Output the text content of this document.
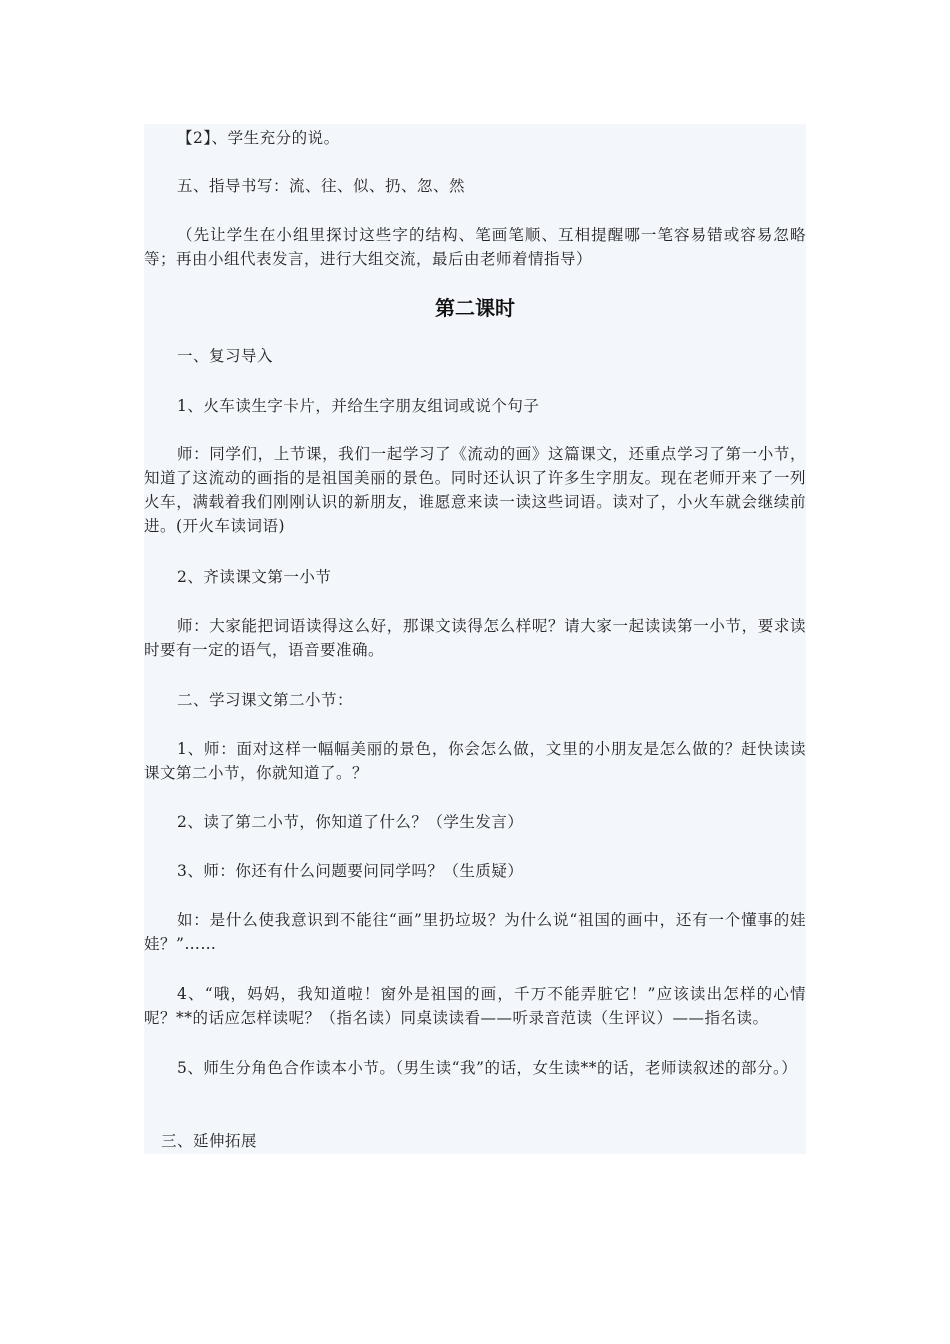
【2】、学生充分的说。
五、指导书写：流、往、似、扔、忽、然
（先让学生在小组里探讨这些字的结构、笔画笔顺、互相提醒哪一笔容易错或容易忽略等；再由小组代表发言，进行大组交流，最后由老师着情指导）
第二课时
一、复习导入
1、火车读生字卡片，并给生字朋友组词或说个句子
师：同学们，上节课，我们一起学习了《流动的画》这篇课文，还重点学习了第一小节，知道了这流动的画指的是祖国美丽的景色。同时还认识了许多生字朋友。现在老师开来了一列火车，满载着我们刚刚认识的新朋友，谁愿意来读一读这些词语。读对了，小火车就会继续前进。(开火车读词语)
2、齐读课文第一小节
师：大家能把词语读得这么好，那课文读得怎么样呢？请大家一起读读第一小节，要求读时要有一定的语气，语音要准确。
二、学习课文第二小节：
1、师：面对这样一幅幅美丽的景色，你会怎么做，文里的小朋友是怎么做的？赶快读读课文第二小节，你就知道了。？
2、读了第二小节，你知道了什么？（学生发言）
3、师：你还有什么问题要问同学吗？（生质疑）
如：是什么使我意识到不能往“画”里扔垃圾？为什么说“祖国的画中，还有一个懂事的娃娃？”……
4、“哦，妈妈，我知道啦！窗外是祖国的画，千万不能弄脏它！”应该读出怎样的心情呢？**的话应怎样读呢？（指名读）同桌读读看——听录音范读（生评议）——指名读。
5、师生分角色合作读本小节。（男生读“我”的话，女生读**的话，老师读叙述的部分。）
三、延伸拓展
